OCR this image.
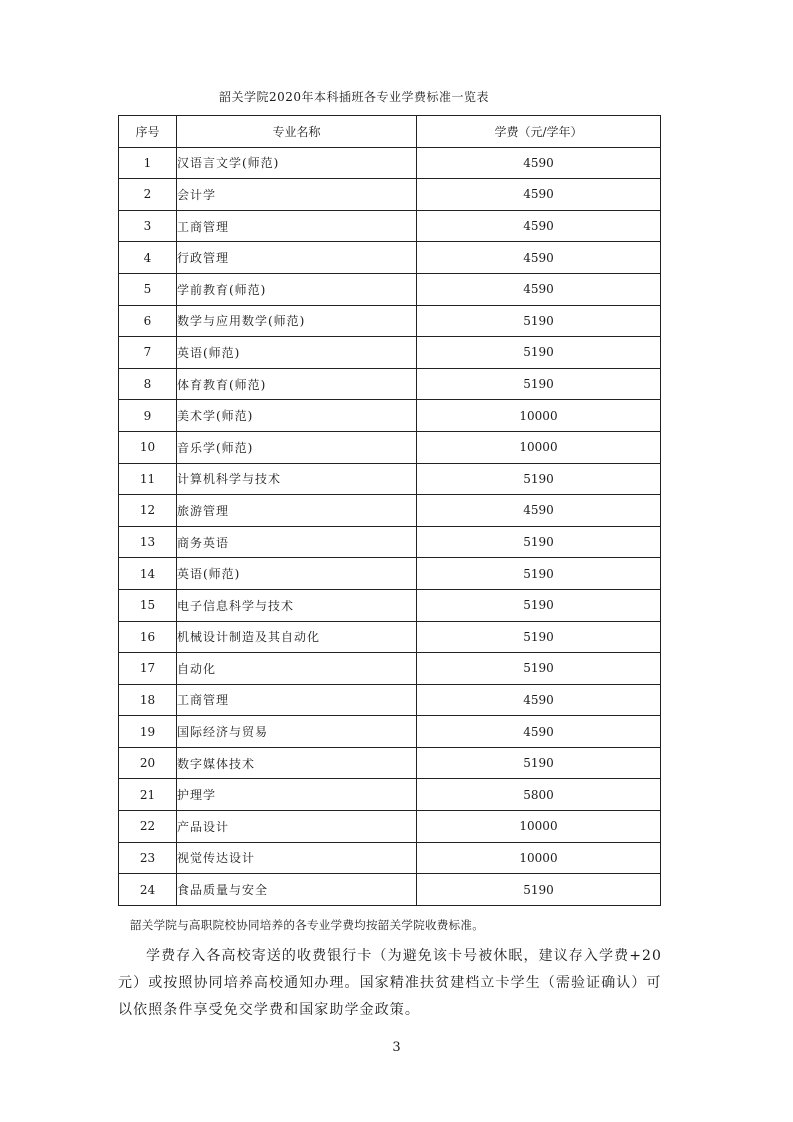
韶关学院2020年本科插班各专业学费标准一览表
序号	专业名称	学费（元/学年）
1	汉语言文学(师范)	4590
2	会计学	4590
3	工商管理	4590
4	行政管理	4590
5	学前教育(师范)	4590
6	数学与应用数学(师范)	5190
7	英语(师范)	5190
8	体育教育(师范)	5190
9	美术学(师范)	10000
10	音乐学(师范)	10000
11	计算机科学与技术	5190
12	旅游管理	4590
13	商务英语	5190
14	英语(师范)	5190
15	电子信息科学与技术	5190
16	机械设计制造及其自动化	5190
17	自动化	5190
18	工商管理	4590
19	国际经济与贸易	4590
20	数字媒体技术	5190
21	护理学	5800
22	产品设计	10000
23	视觉传达设计	10000
24	食品质量与安全	5190
韶关学院与高职院校协同培养的各专业学费均按韶关学院收费标准。

学费存入各高校寄送的收费银行卡（为避免该卡号被休眠，建议存入学费+20元）或按照协同培养高校通知办理。国家精准扶贫建档立卡学生（需验证确认）可以依照条件享受免交学费和国家助学金政策。

3
